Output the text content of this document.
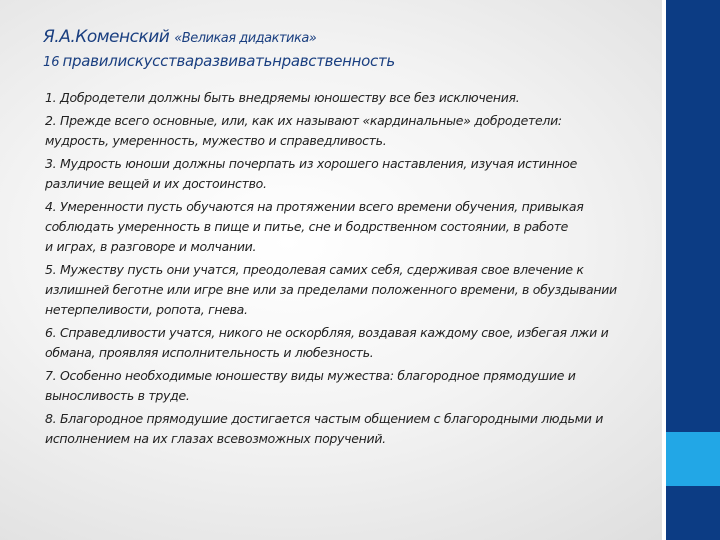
Я.А.Коменский «Великая дидактика»
16 правилискусстваразвиватьнравственность

1. Добродетели должны быть внедряемы юношеству все без исключения.

2. Прежде всего основные, или, как их называют «кардинальные» добродетели:
мудрость, умеренность, мужество и справедливость.

3. Мудрость юноши должны почерпать из хорошего наставления, изучая истинное
различие вещей и их достоинство.

4. Умеренности пусть обучаются на протяжении всего времени обучения, привыкая
соблюдать умеренность в пище и питье, сне и бодрственном состоянии, в работе
и играх, в разговоре и молчании.

5. Мужеству пусть они учатся, преодолевая самих себя, сдерживая свое влечение к
излишней беготне или игре вне или за пределами положенного времени, в обуздывании
нетерпеливости, ропота, гнева.

6. Справедливости учатся, никого не оскорбляя, воздавая каждому свое, избегая лжи и
обмана, проявляя исполнительность и любезность.

7. Особенно необходимые юношеству виды мужества: благородное прямодушие и
выносливость в труде.

8. Благородное прямодушие достигается частым общением с благородными людьми и
исполнением на их глазах всевозможных поручений.
